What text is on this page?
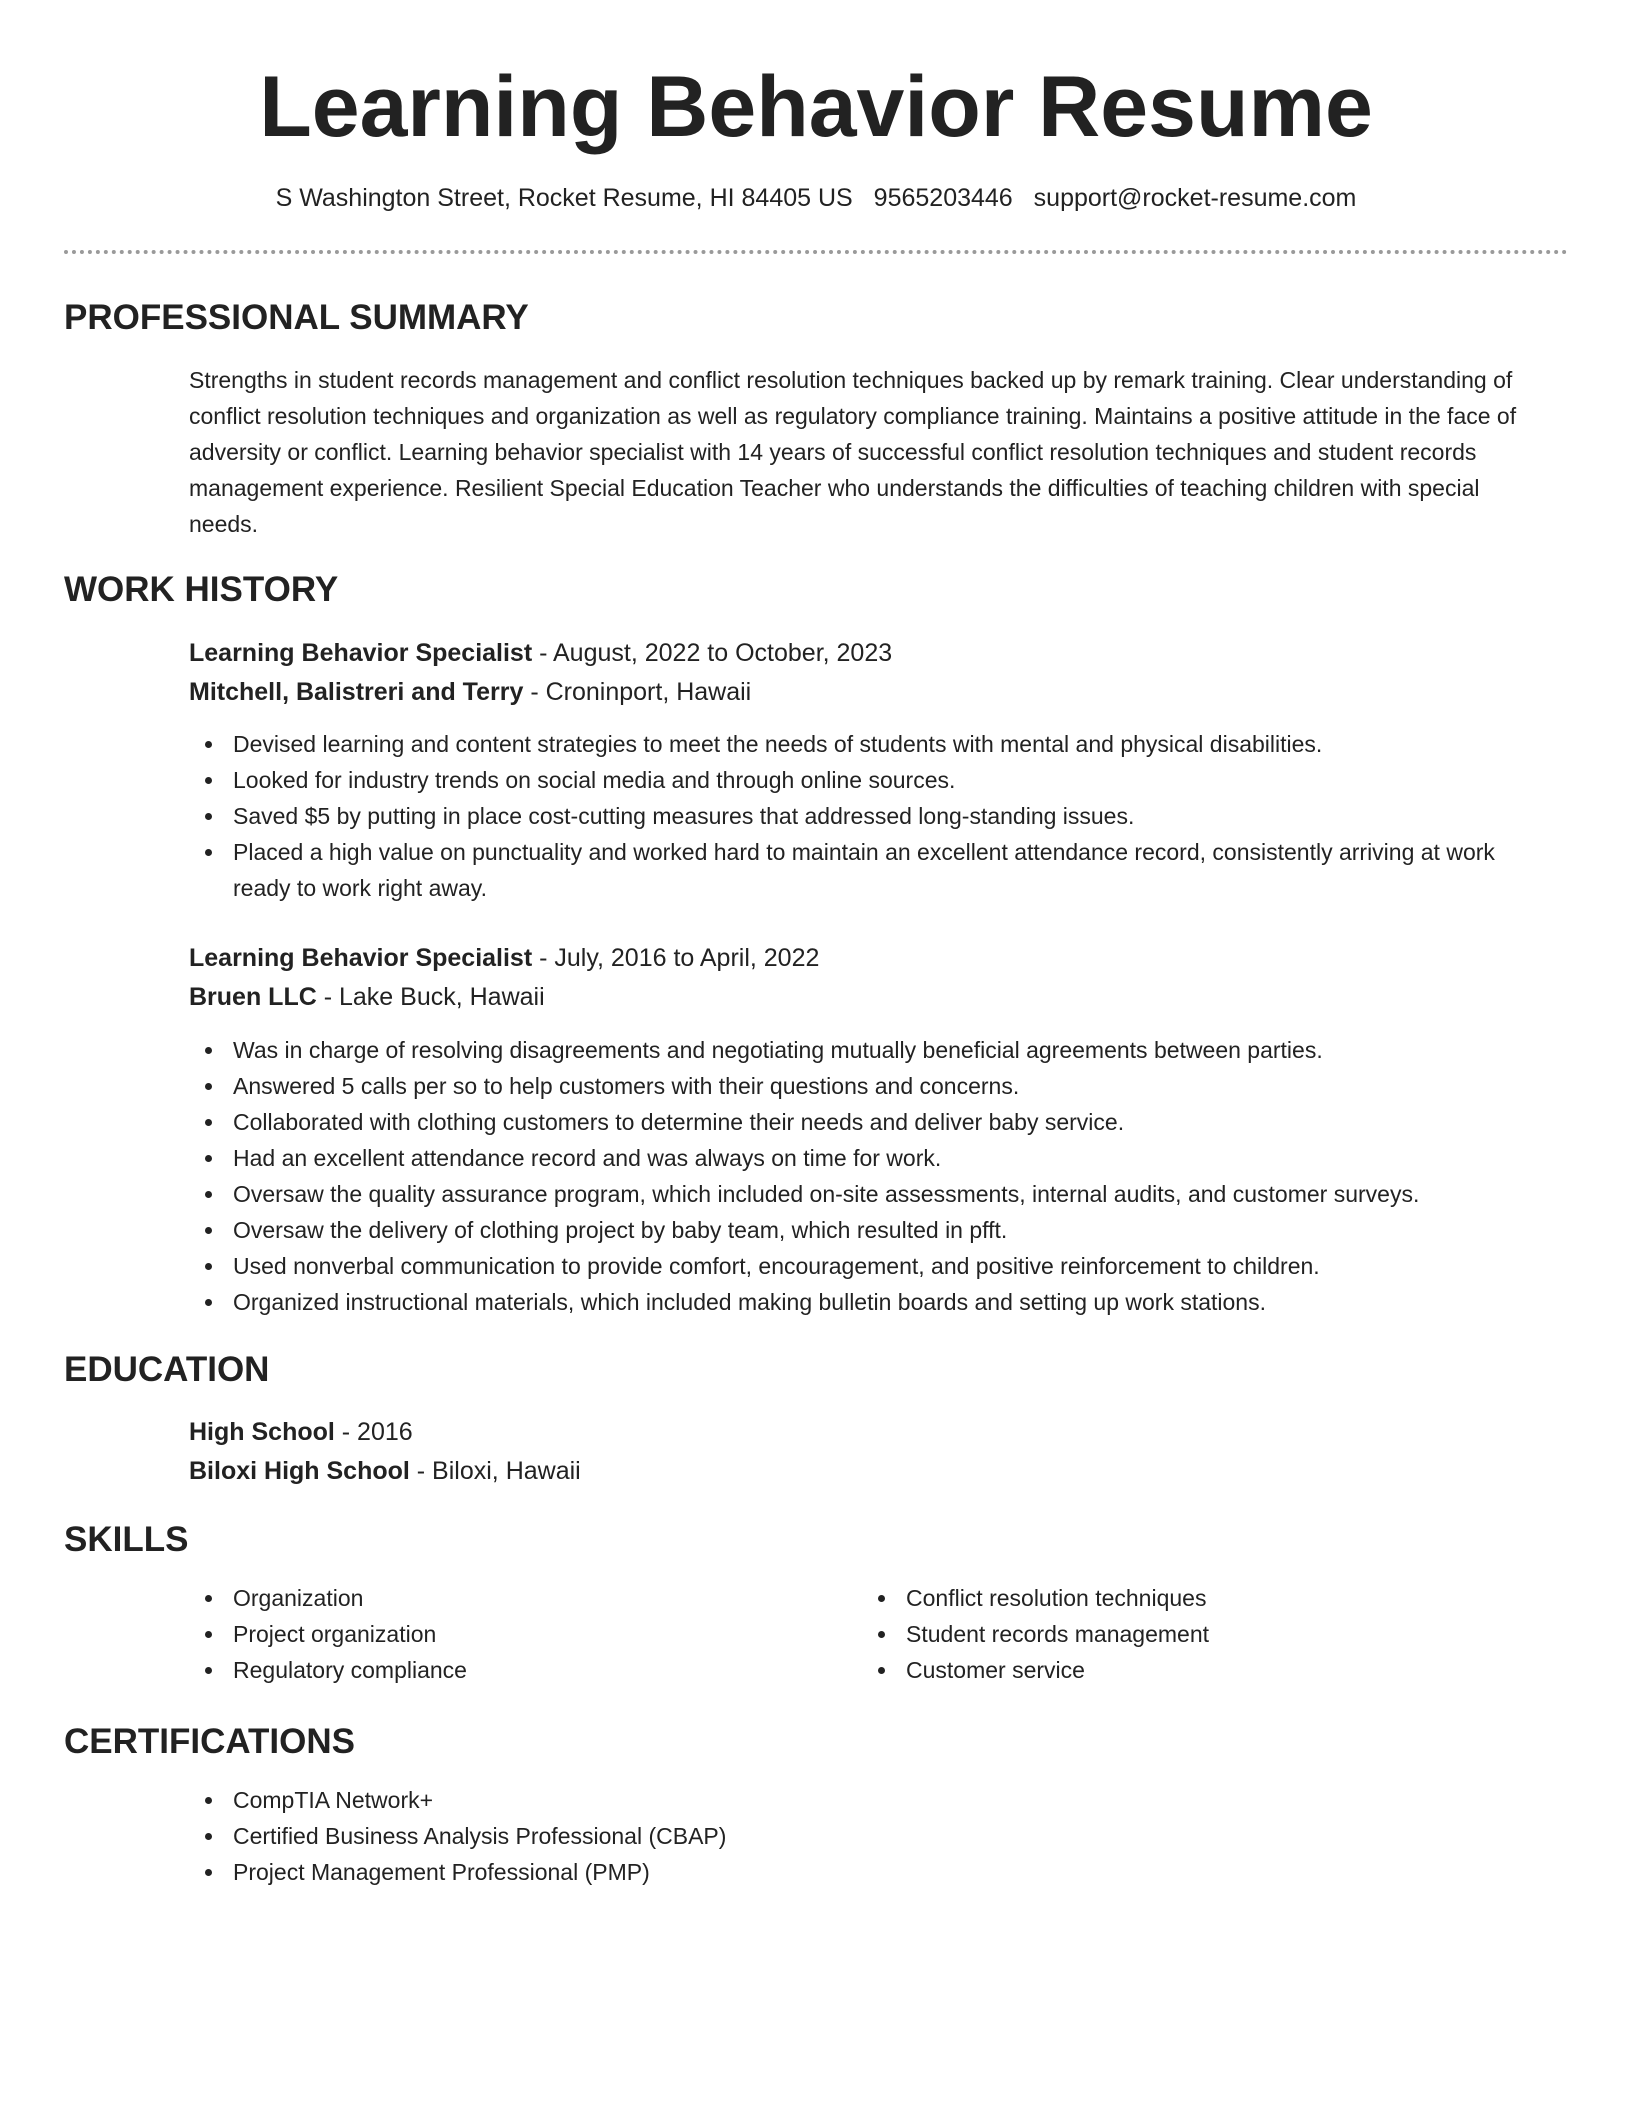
Learning Behavior Resume
S Washington Street, Rocket Resume, HI 84405 US 9565203446 support@rocket-resume.com
PROFESSIONAL SUMMARY

Strengths in student records management and conflict resolution techniques backed up by remark training. Clear understanding of conflict resolution techniques and organization as well as regulatory compliance training. Maintains a positive attitude in the face of adversity or conflict. Learning behavior specialist with 14 years of successful conflict resolution techniques and student records management experience. Resilient Special Education Teacher who understands the difficulties of teaching children with special needs.

WORK HISTORY
Learning Behavior Specialist - August, 2022 to October, 2023
Mitchell, Balistreri and Terry - Croninport, Hawaii
Devised learning and content strategies to meet the needs of students with mental and physical disabilities.
Looked for industry trends on social media and through online sources.
Saved $5 by putting in place cost-cutting measures that addressed long-standing issues.
Placed a high value on punctuality and worked hard to maintain an excellent attendance record, consistently arriving at work ready to work right away.
Learning Behavior Specialist - July, 2016 to April, 2022
Bruen LLC - Lake Buck, Hawaii
Was in charge of resolving disagreements and negotiating mutually beneficial agreements between parties.
Answered 5 calls per so to help customers with their questions and concerns.
Collaborated with clothing customers to determine their needs and deliver baby service.
Had an excellent attendance record and was always on time for work.
Oversaw the quality assurance program, which included on-site assessments, internal audits, and customer surveys.
Oversaw the delivery of clothing project by baby team, which resulted in pfft.
Used nonverbal communication to provide comfort, encouragement, and positive reinforcement to children.
Organized instructional materials, which included making bulletin boards and setting up work stations.
EDUCATION
High School - 2016
Biloxi High School - Biloxi, Hawaii
SKILLS
Organization
Project organization
Regulatory compliance
Conflict resolution techniques
Student records management
Customer service
CERTIFICATIONS
CompTIA Network+
Certified Business Analysis Professional (CBAP)
Project Management Professional (PMP)
